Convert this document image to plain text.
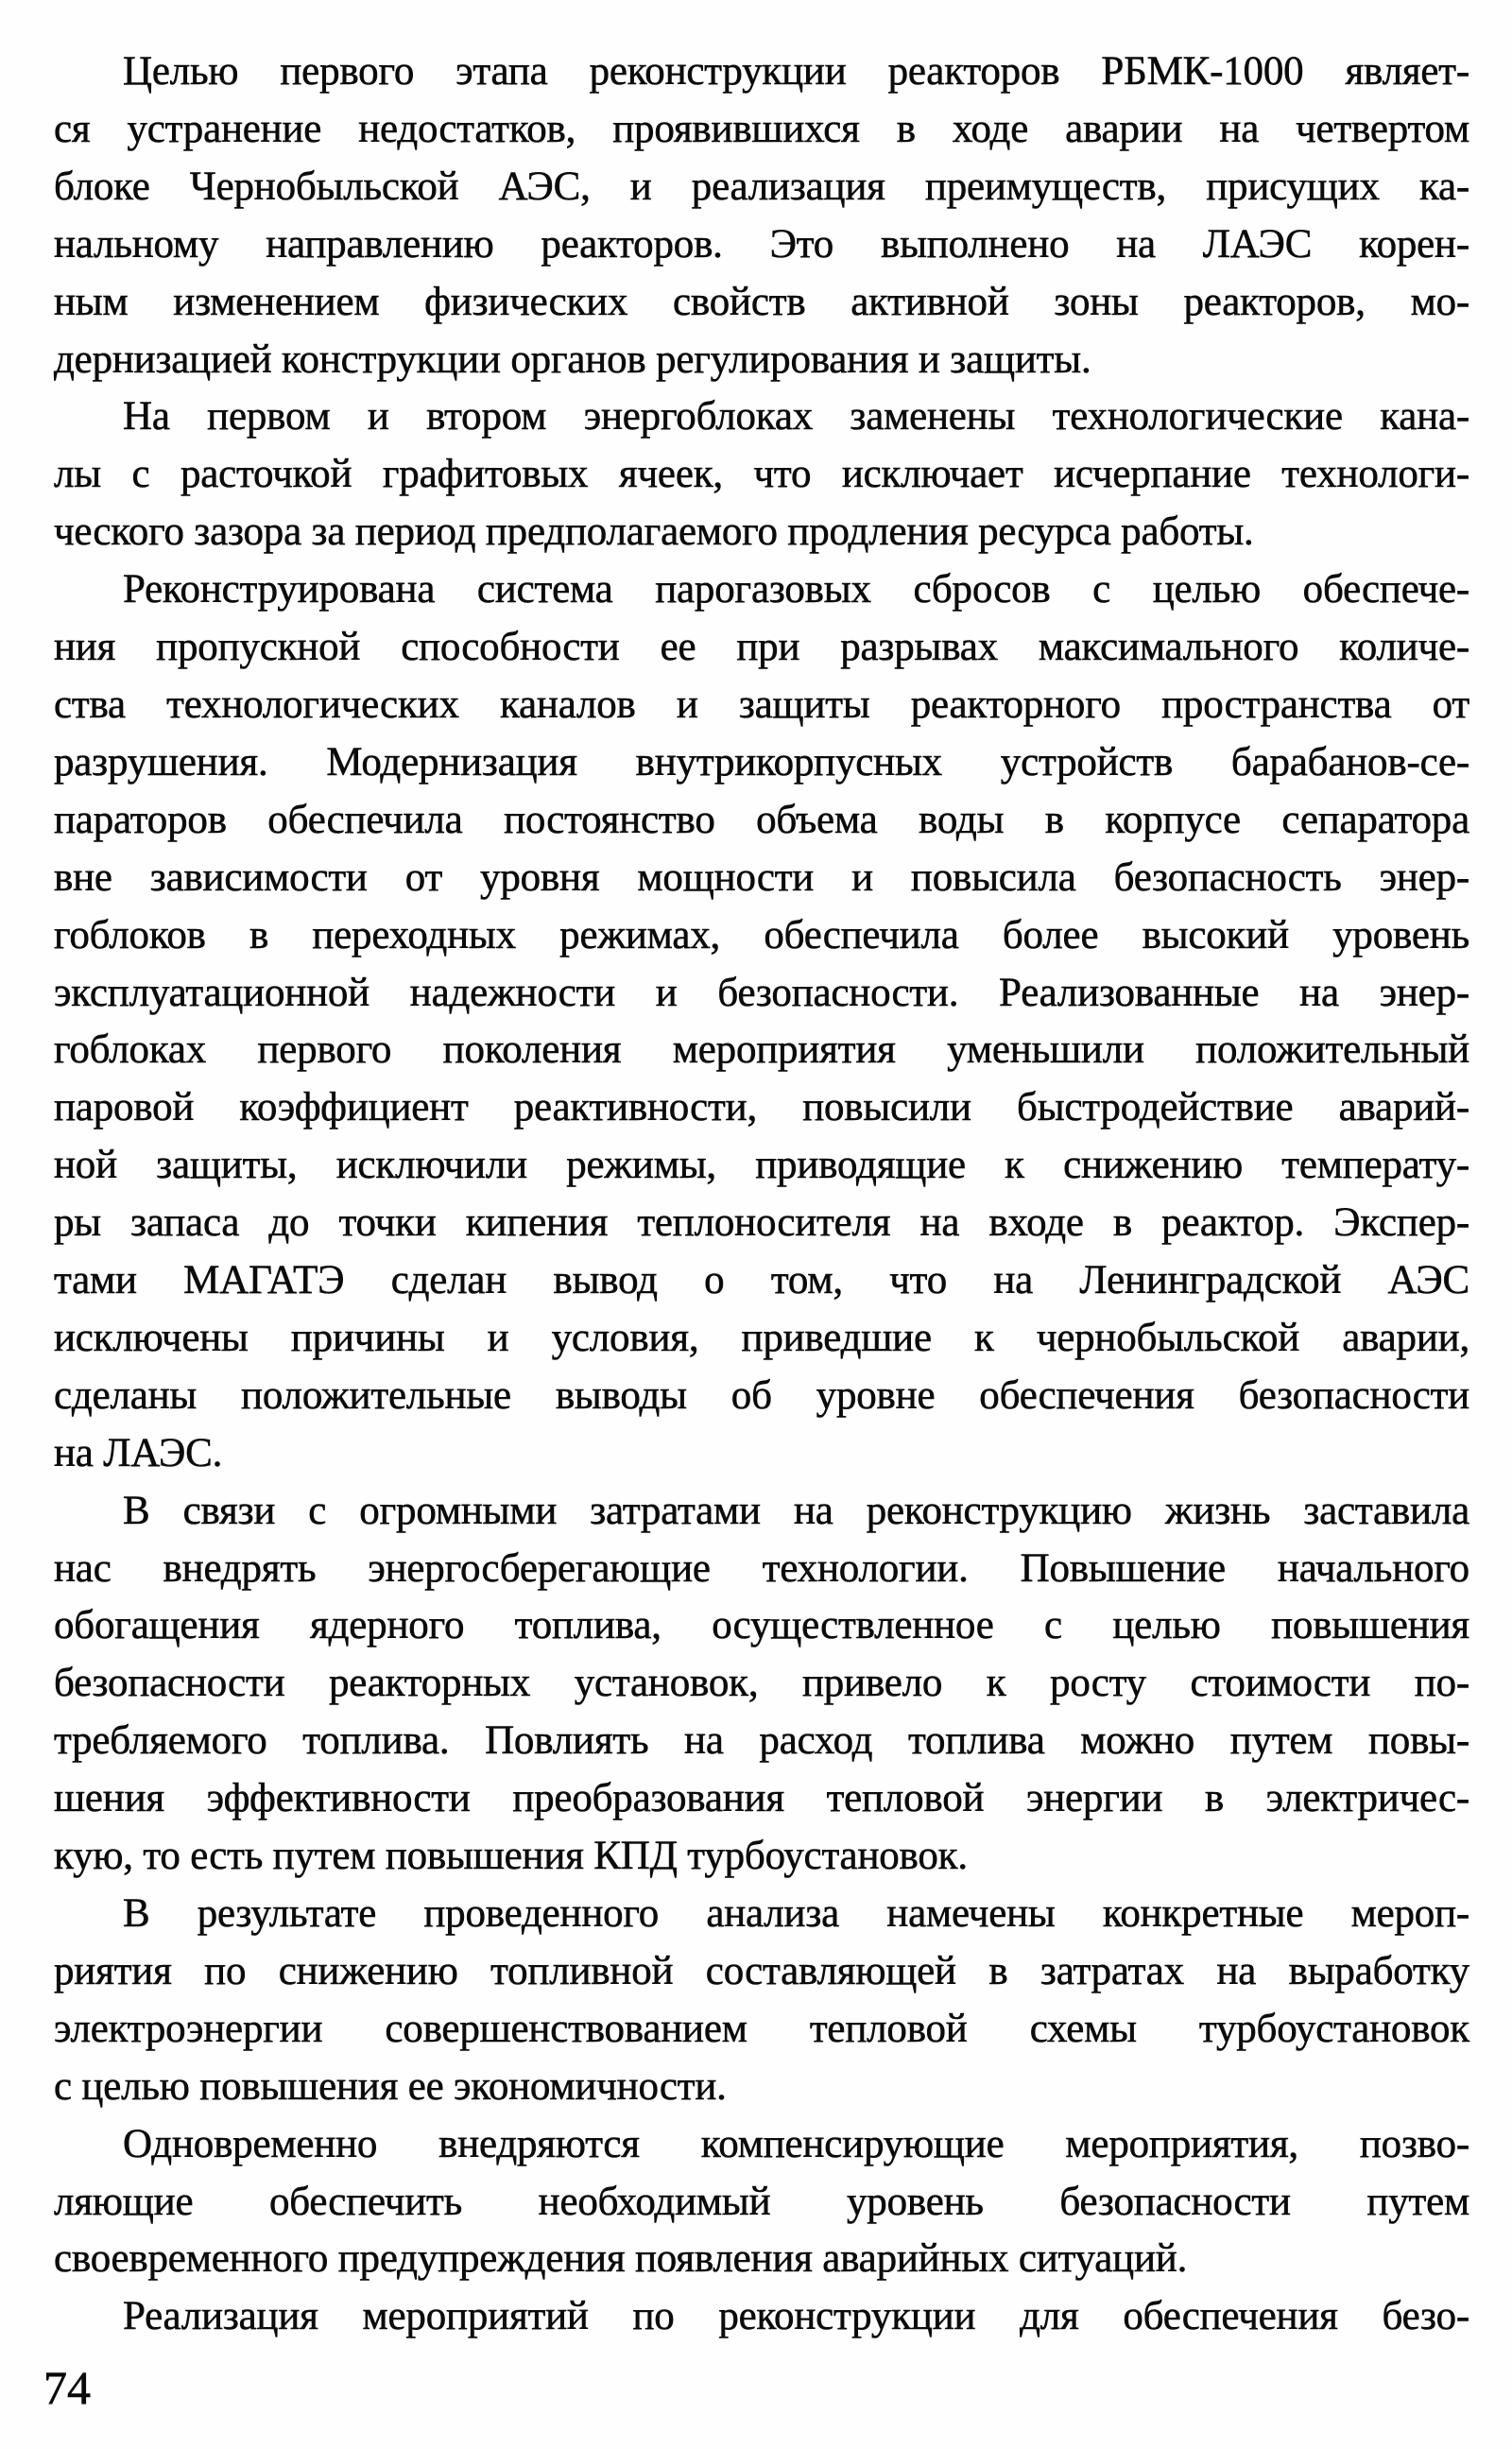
Целью первого этапа реконструкции реакторов РБМК-1000 являет-
ся устранение недостатков, проявившихся в ходе аварии на четвертом
блоке Чернобыльской АЭС, и реализация преимуществ, присущих ка-
нальному направлению реакторов. Это выполнено на ЛАЭС корен-
ным изменением физических свойств активной зоны реакторов, мо-
дернизацией конструкции органов регулирования и защиты.
На первом и втором энергоблоках заменены технологические кана-
лы с расточкой графитовых ячеек, что исключает исчерпание технологи-
ческого зазора за период предполагаемого продления ресурса работы.
Реконструирована система парогазовых сбросов с целью обеспече-
ния пропускной способности ее при разрывах максимального количе-
ства технологических каналов и защиты реакторного пространства от
разрушения. Модернизация внутрикорпусных устройств барабанов-се-
параторов обеспечила постоянство объема воды в корпусе сепаратора
вне зависимости от уровня мощности и повысила безопасность энер-
гоблоков в переходных режимах, обеспечила более высокий уровень
эксплуатационной надежности и безопасности. Реализованные на энер-
гоблоках первого поколения мероприятия уменьшили положительный
паровой коэффициент реактивности, повысили быстродействие аварий-
ной защиты, исключили режимы, приводящие к снижению температу-
ры запаса до точки кипения теплоносителя на входе в реактор. Экспер-
тами МАГАТЭ сделан вывод о том, что на Ленинградской АЭС
исключены причины и условия, приведшие к чернобыльской аварии,
сделаны положительные выводы об уровне обеспечения безопасности
на ЛАЭС.
В связи с огромными затратами на реконструкцию жизнь заставила
нас внедрять энергосберегающие технологии. Повышение начального
обогащения ядерного топлива, осуществленное с целью повышения
безопасности реакторных установок, привело к росту стоимости по-
требляемого топлива. Повлиять на расход топлива можно путем повы-
шения эффективности преобразования тепловой энергии в электричес-
кую, то есть путем повышения КПД турбоустановок.
В результате проведенного анализа намечены конкретные мероп-
риятия по снижению топливной составляющей в затратах на выработку
электроэнергии совершенствованием тепловой схемы турбоустановок
с целью повышения ее экономичности.
Одновременно внедряются компенсирующие мероприятия, позво-
ляющие обеспечить необходимый уровень безопасности путем
своевременного предупреждения появления аварийных ситуаций.
Реализация мероприятий по реконструкции для обеспечения безо-
74
